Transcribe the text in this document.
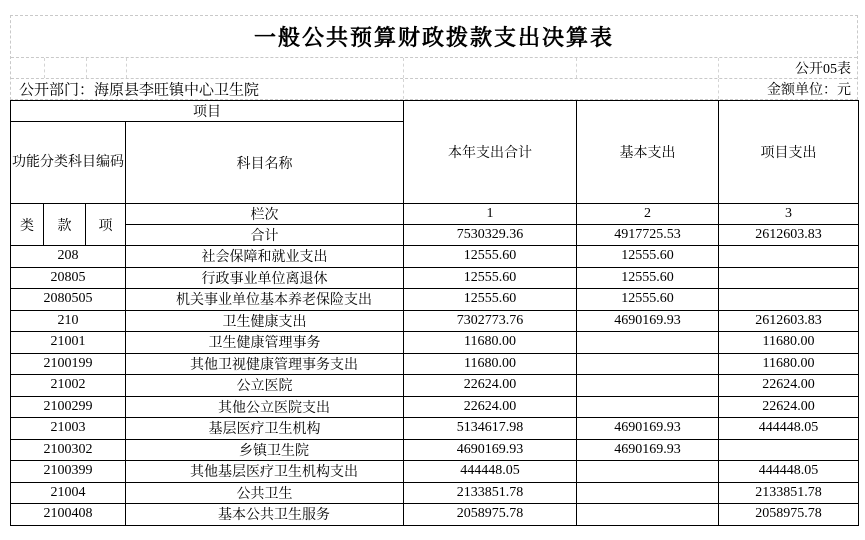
一般公共预算财政拨款支出决算表
公开05表
公开部门：海原县李旺镇中心卫生院	金额单位：元
项目				本年支出合计	基本支出	项目支出
功能分类科目编码			科目名称			
类	款	项	栏次	1	2	3
			合计	7530329.36	4917725.53	2612603.83
208			社会保障和就业支出	12555.60	12555.60	
20805			行政事业单位离退休	12555.60	12555.60	
2080505			机关事业单位基本养老保险支出	12555.60	12555.60	
210			卫生健康支出	7302773.76	4690169.93	2612603.83
21001			卫生健康管理事务	11680.00		11680.00
2100199			其他卫视健康管理事务支出	11680.00		11680.00
21002			公立医院	22624.00		22624.00
2100299			其他公立医院支出	22624.00		22624.00
21003			基层医疗卫生机构	5134617.98	4690169.93	444448.05
2100302			乡镇卫生院	4690169.93	4690169.93	
2100399			其他基层医疗卫生机构支出	444448.05		444448.05
21004			公共卫生	2133851.78		2133851.78
2100408			基本公共卫生服务	2058975.78		2058975.78
